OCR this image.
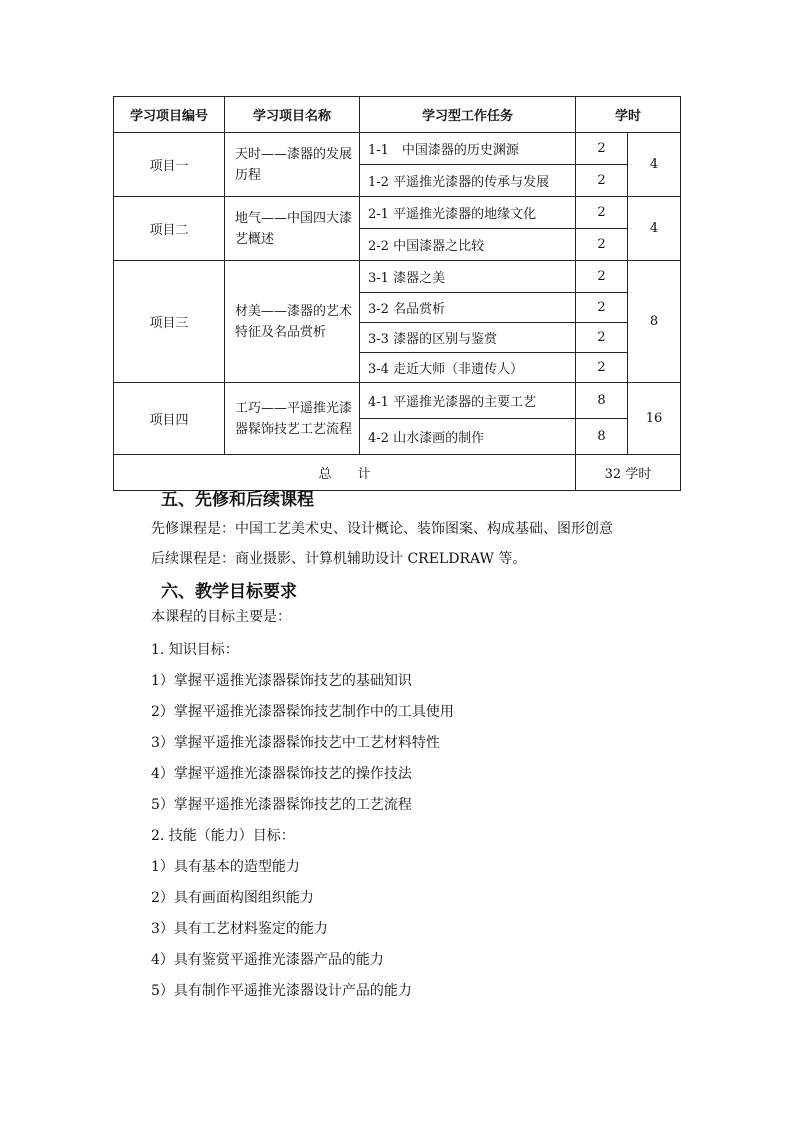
学习项目编号	学习项目名称	学习型工作任务	学时	
项目一	天时——漆器的发展历程	1-1　中国漆器的历史渊源	2	4
		1-2 平遥推光漆器的传承与发展	2	
项目二	地气——中国四大漆艺概述	2-1 平遥推光漆器的地缘文化	2	4
		2-2 中国漆器之比较	2	
项目三	材美——漆器的艺术特征及名品赏析	3-1 漆器之美	2	8
		3-2 名品赏析	2	
		3-3 漆器的区别与鉴赏	2	
		3-4 走近大师（非遗传人）	2	
项目四	工巧——平遥推光漆器髹饰技艺工艺流程	4-1 平遥推光漆器的主要工艺	8	16
		4-2 山水漆画的制作	8	
总　　计			32 学时	
五、先修和后续课程
先修课程是：中国工艺美术史、设计概论、装饰图案、构成基础、图形创意
后续课程是：商业摄影、计算机辅助设计 CRELDRAW 等。
六、教学目标要求
本课程的目标主要是：
1. 知识目标：
1）掌握平遥推光漆器髹饰技艺的基础知识
2）掌握平遥推光漆器髹饰技艺制作中的工具使用
3）掌握平遥推光漆器髹饰技艺中工艺材料特性
4）掌握平遥推光漆器髹饰技艺的操作技法
5）掌握平遥推光漆器髹饰技艺的工艺流程
2. 技能（能力）目标：
1）具有基本的造型能力
2）具有画面构图组织能力
3）具有工艺材料鉴定的能力
4）具有鉴赏平遥推光漆器产品的能力
5）具有制作平遥推光漆器设计产品的能力
